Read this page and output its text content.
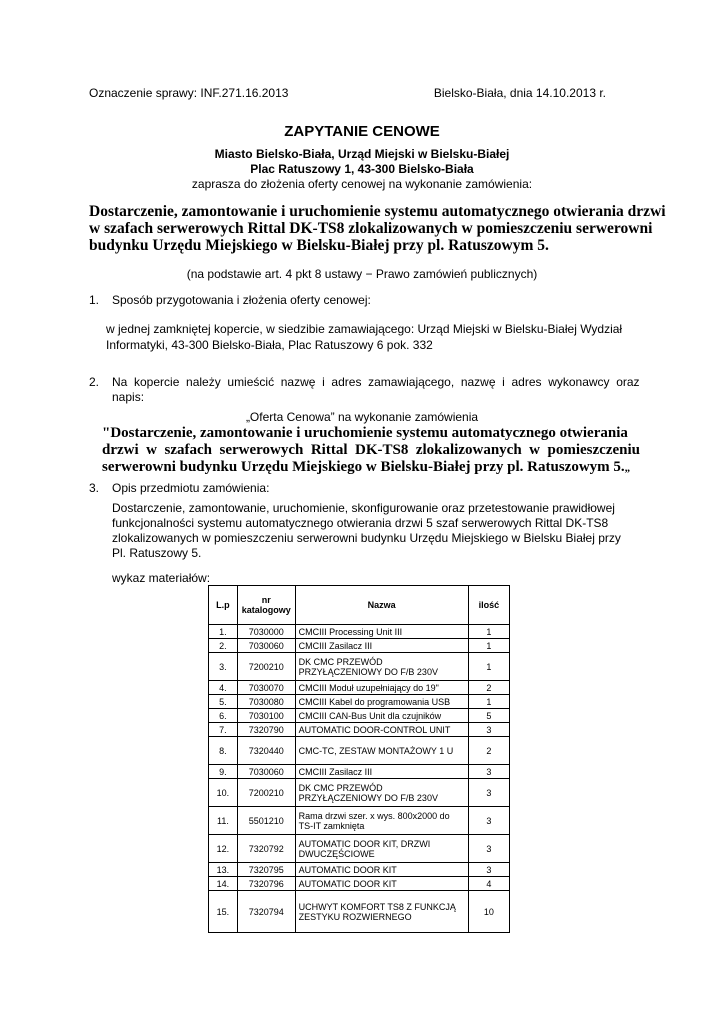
Oznaczenie sprawy: INF.271.16.2013	Bielsko-Biała, dnia 14.10.2013 r.
ZAPYTANIE CENOWE
Miasto Bielsko-Biała, Urząd Miejski w Bielsku-Białej
Plac Ratuszowy 1, 43-300 Bielsko-Biała
zaprasza do złożenia oferty cenowej na wykonanie zamówienia:
Dostarczenie, zamontowanie i uruchomienie systemu automatycznego otwierania drzwi
w szafach serwerowych Rittal DK-TS8 zlokalizowanych w pomieszczeniu serwerowni
budynku Urzędu Miejskiego w Bielsku-Białej przy pl. Ratuszowym 5.
(na podstawie art. 4 pkt 8 ustawy − Prawo zamówień publicznych)
1. Sposób przygotowania i złożenia oferty cenowej:
w jednej zamkniętej kopercie, w siedzibie zamawiającego: Urząd Miejski w Bielsku-Białej Wydział
Informatyki, 43-300 Bielsko-Biała, Plac Ratuszowy 6 pok. 332
2. Na  kopercie  należy  umieścić  nazwę  i  adres  zamawiającego,  nazwę  i  adres  wykonawcy  oraz
napis:
„Oferta Cenowa” na wykonanie zamówienia
"Dostarczenie, zamontowanie i uruchomienie systemu automatycznego otwierania
drzwi  w  szafach  serwerowych  Rittal  DK-TS8  zlokalizowanych  w  pomieszczeniu
serwerowni budynku Urzędu Miejskiego w Bielsku-Białej przy pl. Ratuszowym 5.„
3. Opis przedmiotu zamówienia:
Dostarczenie, zamontowanie, uruchomienie, skonfigurowanie oraz przetestowanie prawidłowej
funkcjonalności systemu automatycznego otwierania drzwi 5 szaf serwerowych Rittal DK-TS8
zlokalizowanych w pomieszczeniu serwerowni budynku Urzędu Miejskiego w Bielsku Białej przy
Pl. Ratuszowy 5.
wykaz materiałów:
L.p	nr katalogowy	Nazwa	ilość
1.	7030000	CMCIII Processing Unit III	1
2.	7030060	CMCIII Zasilacz III	1
3.	7200210	DK CMC PRZEWÓD PRZYŁĄCZENIOWY DO F/B 230V	1
4.	7030070	CMCIII Moduł uzupełniający do 19"	2
5.	7030080	CMCIII Kabel do programowania USB	1
6.	7030100	CMCIII CAN-Bus Unit dla czujników	5
7.	7320790	AUTOMATIC DOOR-CONTROL UNIT	3
8.	7320440	CMC-TC, ZESTAW MONTAŻOWY 1 U	2
9.	7030060	CMCIII Zasilacz III	3
10.	7200210	DK CMC PRZEWÓD PRZYŁĄCZENIOWY DO F/B 230V	3
11.	5501210	Rama drzwi szer. x wys. 800x2000 do TS-IT zamknięta	3
12.	7320792	AUTOMATIC DOOR KIT, DRZWI DWUCZĘŚCIOWE	3
13.	7320795	AUTOMATIC DOOR KIT	3
14.	7320796	AUTOMATIC DOOR KIT	4
15.	7320794	UCHWYT KOMFORT TS8 Z FUNKCJĄ ZESTYKU ROZWIERNEGO	10
